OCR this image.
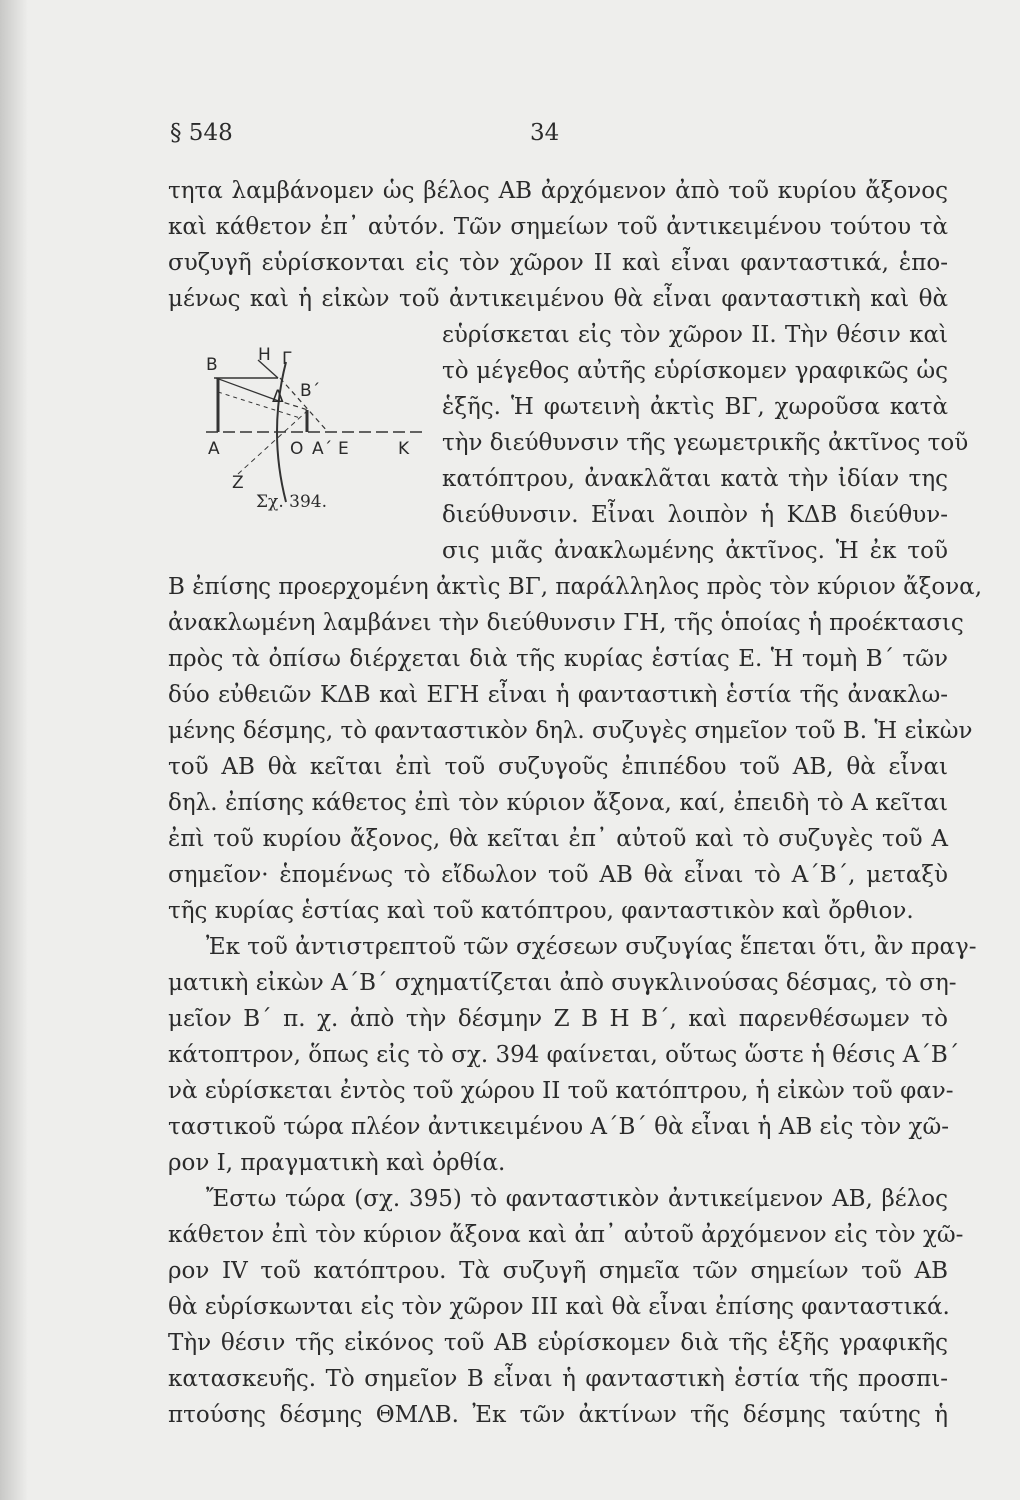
§ 548	34
Β Η Γ
Δ Β΄
Α	Ο Α΄ Ε	Κ
Ζ
Σχ. 394.
τητα λαμβάνομεν ὡς βέλος ΑΒ ἀρχόμενον ἀπὸ τοῦ κυρίου ἄξονος
καὶ κάθετον ἐπ᾽ αὐτόν. Τῶν σημείων τοῦ ἀντικειμένου τούτου τὰ
συζυγῆ εὑρίσκονται εἰς τὸν χῶρον ΙΙ καὶ εἶναι φανταστικά, ἑπο-
μένως καὶ ἡ εἰκὼν τοῦ ἀντικειμένου θὰ εἶναι φανταστικὴ καὶ θὰ
εὑρίσκεται εἰς τὸν χῶρον ΙΙ. Τὴν θέσιν καὶ
τὸ μέγεθος αὐτῆς εὑρίσκομεν γραφικῶς ὡς
ἑξῆς. Ἡ φωτεινὴ ἀκτὶς ΒΓ, χωροῦσα κατὰ
τὴν διεύθυνσιν τῆς γεωμετρικῆς ἀκτῖνος τοῦ
κατόπτρου, ἀνακλᾶται κατὰ τὴν ἰδίαν της
διεύθυνσιν. Εἶναι λοιπὸν ἡ ΚΔΒ διεύθυν-
σις μιᾶς ἀνακλωμένης ἀκτῖνος. Ἡ ἐκ τοῦ
Β ἐπίσης προερχομένη ἀκτὶς ΒΓ, παράλληλος πρὸς τὸν κύριον ἄξονα,
ἀνακλωμένη λαμβάνει τὴν διεύθυνσιν ΓΗ, τῆς ὁποίας ἡ προέκτασις
πρὸς τὰ ὀπίσω διέρχεται διὰ τῆς κυρίας ἑστίας Ε. Ἡ τομὴ Β΄ τῶν
δύο εὐθειῶν ΚΔΒ καὶ ΕΓΗ εἶναι ἡ φανταστικὴ ἑστία τῆς ἀνακλω-
μένης δέσμης, τὸ φανταστικὸν δηλ. συζυγὲς σημεῖον τοῦ Β. Ἡ εἰκὼν
τοῦ ΑΒ θὰ κεῖται ἐπὶ τοῦ συζυγοῦς ἐπιπέδου τοῦ ΑΒ, θὰ εἶναι
δηλ. ἐπίσης κάθετος ἐπὶ τὸν κύριον ἄξονα, καί, ἐπειδὴ τὸ Α κεῖται
ἐπὶ τοῦ κυρίου ἄξονος, θὰ κεῖται ἐπ᾽ αὐτοῦ καὶ τὸ συζυγὲς τοῦ Α
σημεῖον· ἑπομένως τὸ εἴδωλον τοῦ ΑΒ θὰ εἶναι τὸ Α΄Β΄, μεταξὺ
τῆς κυρίας ἑστίας καὶ τοῦ κατόπτρου, φανταστικὸν καὶ ὄρθιον.
Ἐκ τοῦ ἀντιστρεπτοῦ τῶν σχέσεων συζυγίας ἕπεται ὅτι, ἂν πραγ-
ματικὴ εἰκὼν Α΄Β΄ σχηματίζεται ἀπὸ συγκλινούσας δέσμας, τὸ ση-
μεῖον Β΄ π. χ. ἀπὸ τὴν δέσμην Ζ Β Η Β΄, καὶ παρενθέσωμεν τὸ
κάτοπτρον, ὅπως εἰς τὸ σχ. 394 φαίνεται, οὕτως ὥστε ἡ θέσις Α΄Β΄
νὰ εὑρίσκεται ἐντὸς τοῦ χώρου ΙΙ τοῦ κατόπτρου, ἡ εἰκὼν τοῦ φαν-
ταστικοῦ τώρα πλέον ἀντικειμένου Α΄Β΄ θὰ εἶναι ἡ ΑΒ εἰς τὸν χῶ-
ρον Ι, πραγματικὴ καὶ ὀρθία.
Ἔστω τώρα (σχ. 395) τὸ φανταστικὸν ἀντικείμενον ΑΒ, βέλος
κάθετον ἐπὶ τὸν κύριον ἄξονα καὶ ἀπ᾽ αὐτοῦ ἀρχόμενον εἰς τὸν χῶ-
ρον IV τοῦ κατόπτρου. Τὰ συζυγῆ σημεῖα τῶν σημείων τοῦ ΑΒ
θὰ εὑρίσκωνται εἰς τὸν χῶρον ΙΙΙ καὶ θὰ εἶναι ἐπίσης φανταστικά.
Τὴν θέσιν τῆς εἰκόνος τοῦ ΑΒ εὑρίσκομεν διὰ τῆς ἑξῆς γραφικῆς
κατασκευῆς. Τὸ σημεῖον Β εἶναι ἡ φανταστικὴ ἑστία τῆς προσπι-
πτούσης δέσμης ΘΜΛΒ. Ἐκ τῶν ἀκτίνων τῆς δέσμης ταύτης ἡ
